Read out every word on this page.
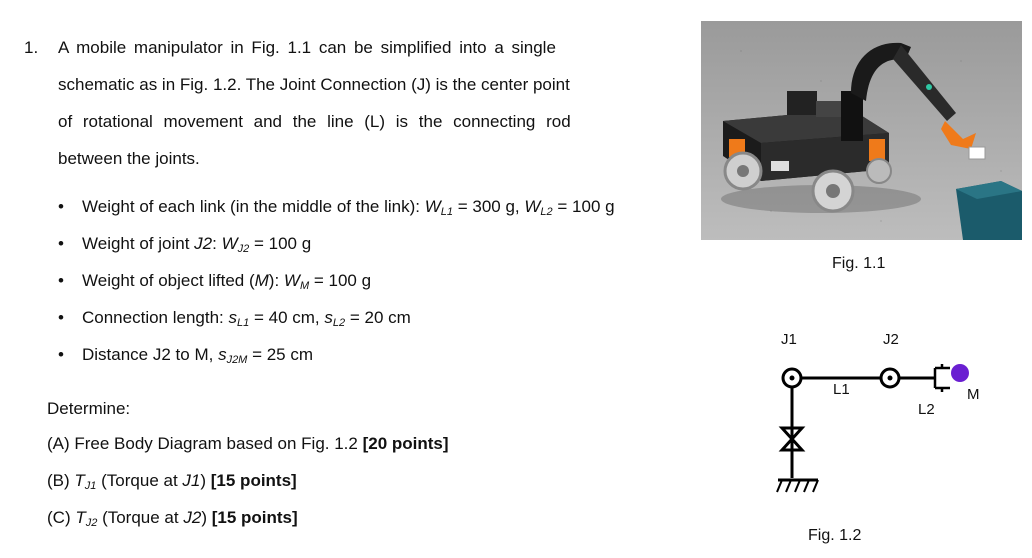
1. A mobile manipulator in Fig. 1.1 can be simplified into a single
schematic as in Fig. 1.2. The Joint Connection (J) is the center point
of rotational movement and the line (L) is the connecting rod
between the joints.
• Weight of each link (in the middle of the link): $W_{L1} = 300$ g, $W_{L2} = 100$ g
• Weight of joint J2: $W_{J2} = 100$ g
• Weight of object lifted (M): $W_M = 100$ g
• Connection length: $s_{L1} = 40$ cm, $s_{L2} = 20$ cm
• Distance J2 to M, $s_{J2M} = 25$ cm
Determine:
(A) Free Body Diagram based on Fig. 1.2 [20 points]
(B) $T_{J1}$ (Torque at J1) [15 points]
(C) $T_{J2}$ (Torque at J2) [15 points]
Fig. 1.1
J1	J2
L1
L2
M
Fig. 1.2
